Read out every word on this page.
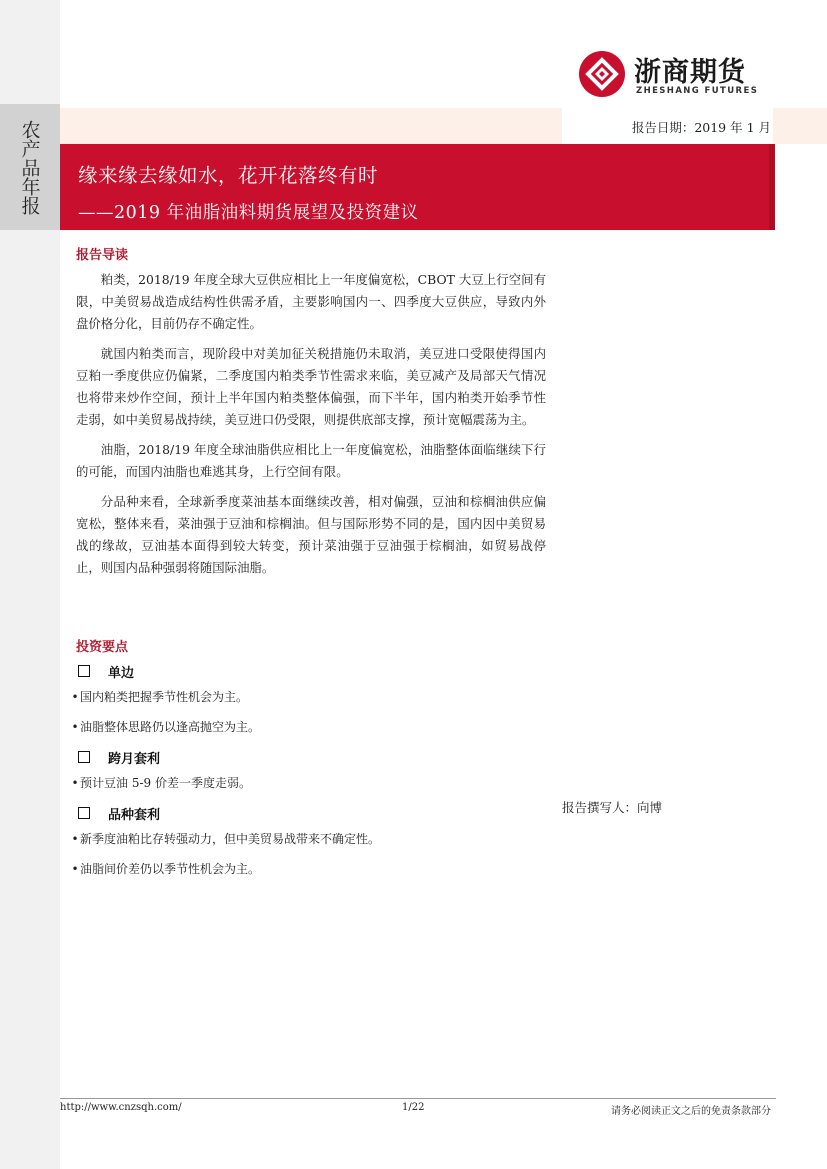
农产品年报
浙商期货
ZHESHANG FUTURES
报告日期：2019 年 1 月
缘来缘去缘如水，花开花落终有时
——2019 年油脂油料期货展望及投资建议
报告导读

粕类，2018/19 年度全球大豆供应相比上一年度偏宽松，CBOT 大豆上行空间有限，中美贸易战造成结构性供需矛盾，主要影响国内一、四季度大豆供应，导致内外盘价格分化，目前仍存不确定性。

就国内粕类而言，现阶段中对美加征关税措施仍未取消，美豆进口受限使得国内豆粕一季度供应仍偏紧，二季度国内粕类季节性需求来临，美豆减产及局部天气情况也将带来炒作空间，预计上半年国内粕类整体偏强，而下半年，国内粕类开始季节性走弱，如中美贸易战持续，美豆进口仍受限，则提供底部支撑，预计宽幅震荡为主。

油脂，2018/19 年度全球油脂供应相比上一年度偏宽松，油脂整体面临继续下行的可能，而国内油脂也难逃其身，上行空间有限。

分品种来看，全球新季度菜油基本面继续改善，相对偏强，豆油和棕榈油供应偏宽松，整体来看，菜油强于豆油和棕榈油。但与国际形势不同的是，国内因中美贸易战的缘故，豆油基本面得到较大转变，预计菜油强于豆油强于棕榈油，如贸易战停止，则国内品种强弱将随国际油脂。

投资要点
单边
• 国内粕类把握季节性机会为主。
• 油脂整体思路仍以逢高抛空为主。
跨月套利
• 预计豆油 5-9 价差一季度走弱。
品种套利
• 新季度油粕比存转强动力，但中美贸易战带来不确定性。
• 油脂间价差仍以季节性机会为主。
报告撰写人：向博
http://www.cnzsqh.com/	1/22	请务必阅读正文之后的免责条款部分
